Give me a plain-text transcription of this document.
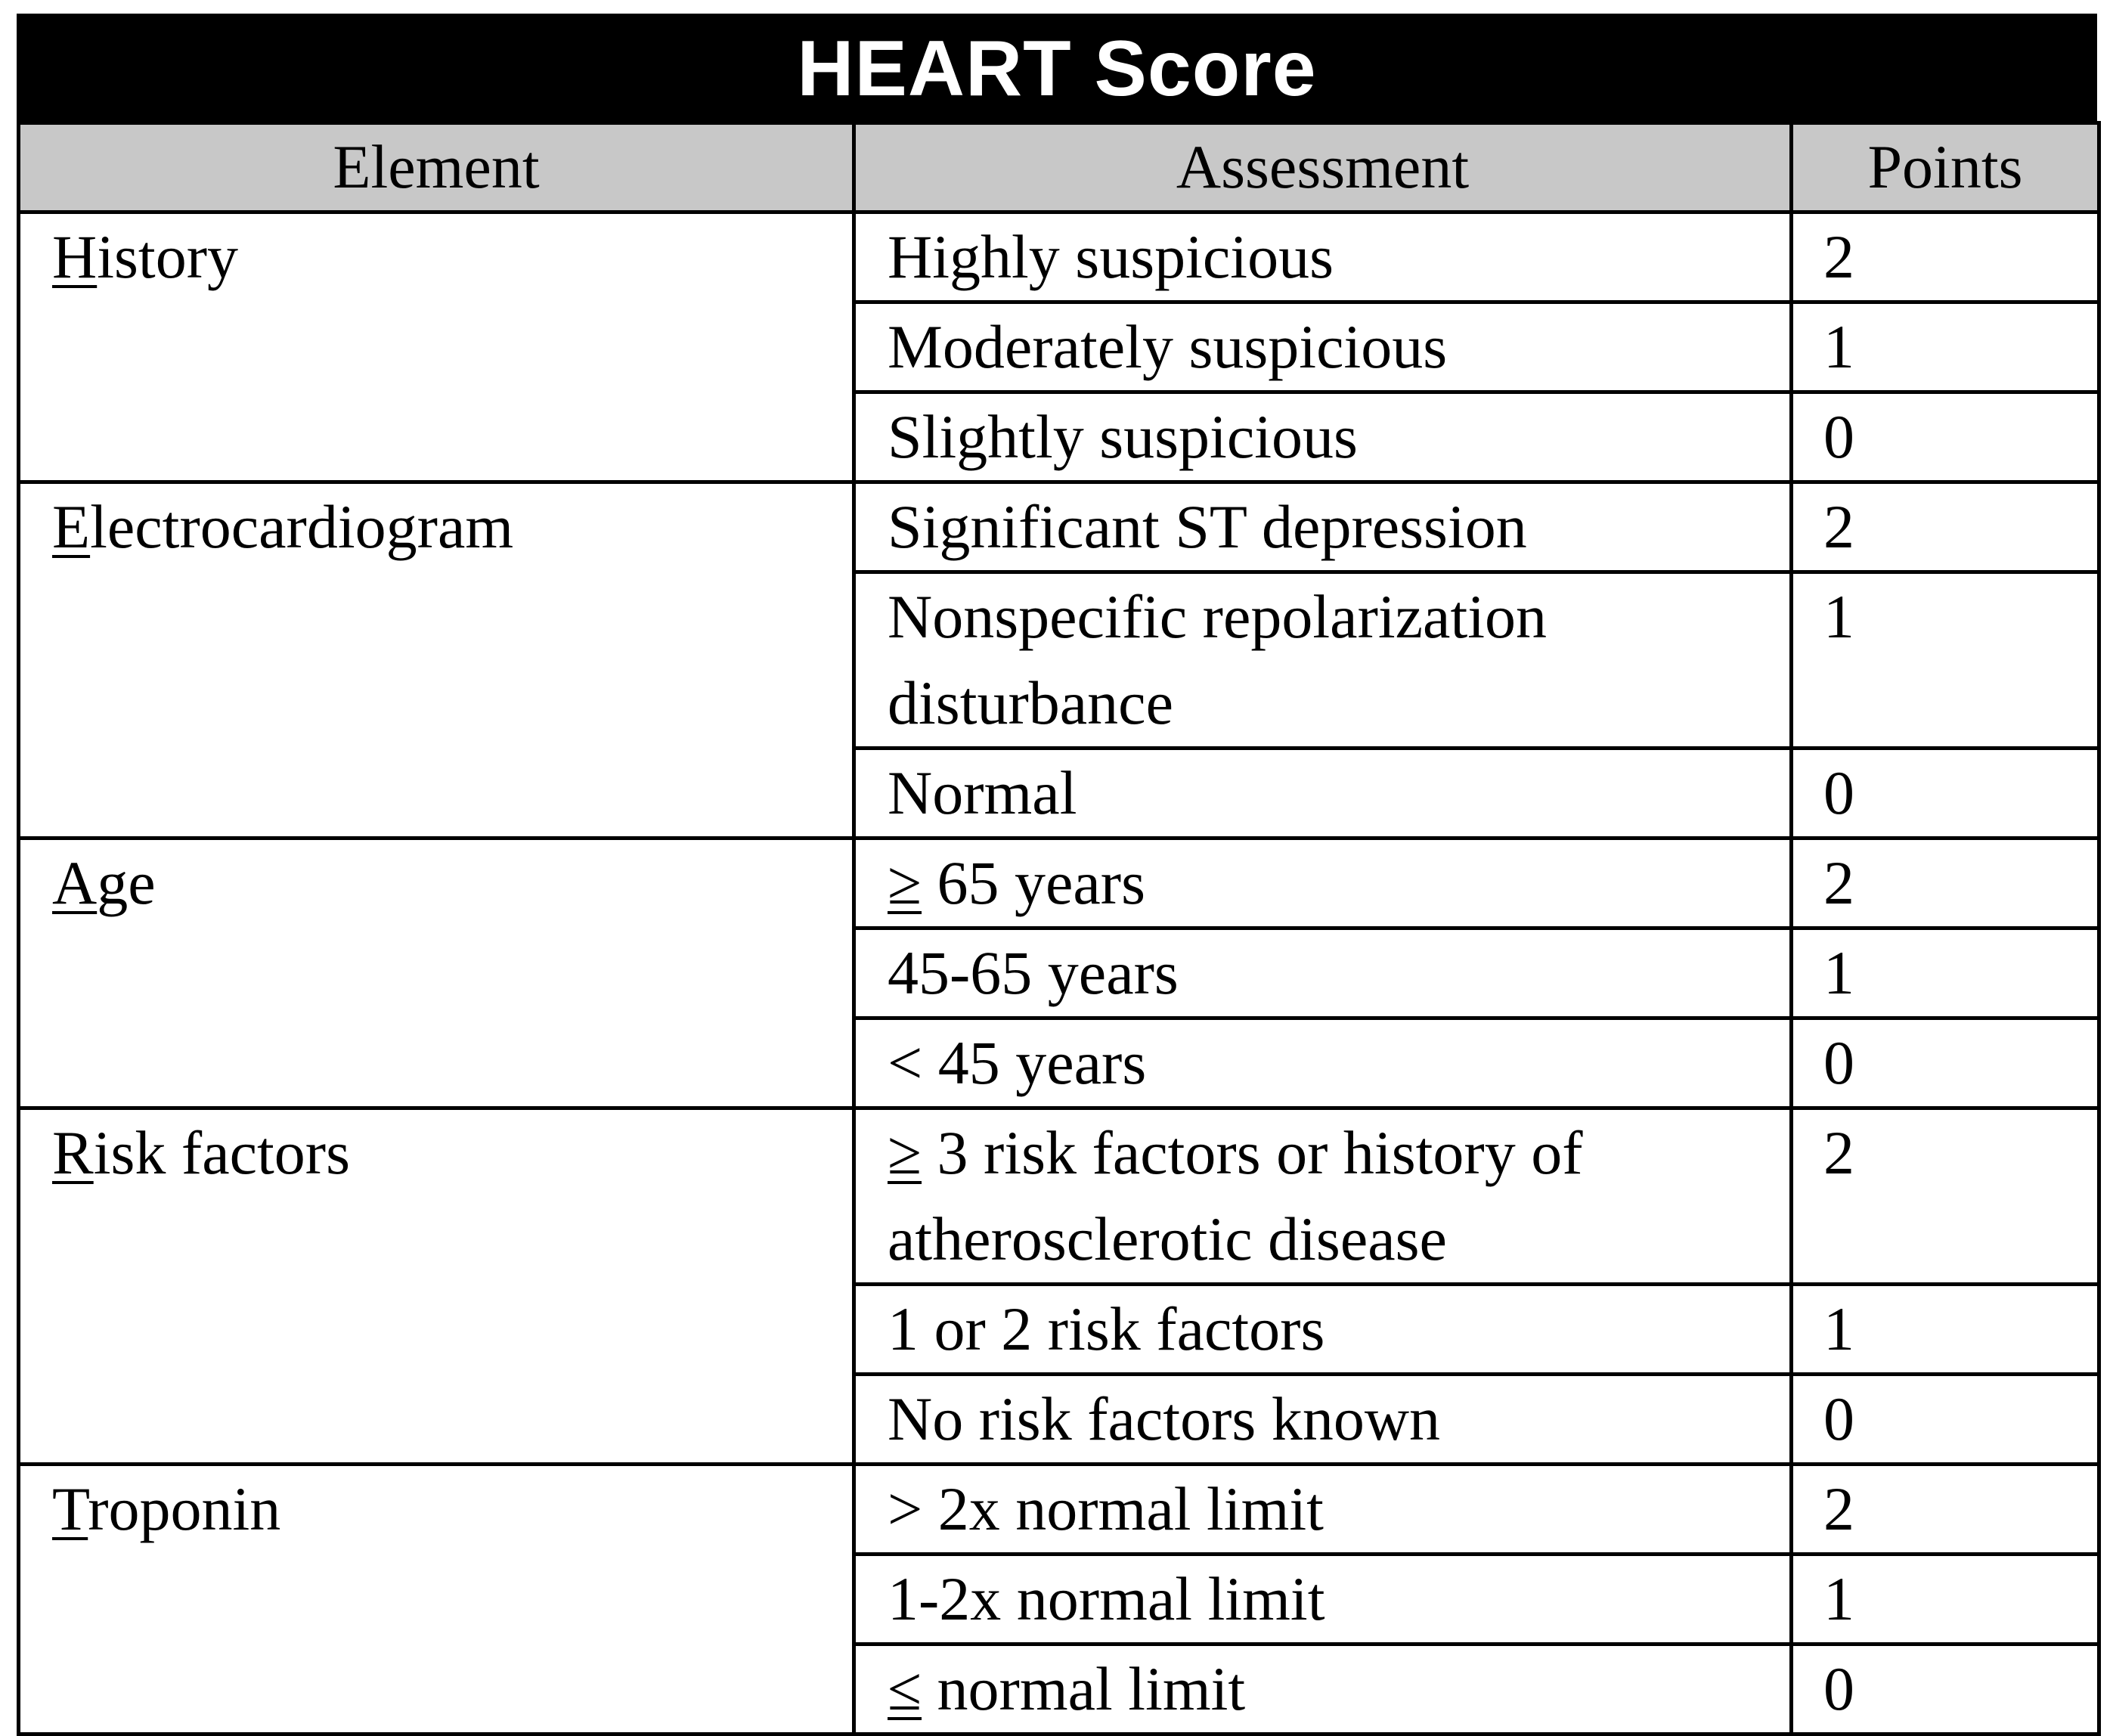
HEART Score
Element	Assessment	Points
History	Highly suspicious	2
	Moderately suspicious	1
	Slightly suspicious	0
Electrocardiogram	Significant ST depression	2
	Nonspecific repolarization disturbance	1
	Normal	0
Age	≥ 65 years	2
	45-65 years	1
	< 45 years	0
Risk factors	≥ 3 risk factors or history of atherosclerotic disease	2
	1 or 2 risk factors	1
	No risk factors known	0
Troponin	> 2x normal limit	2
	1-2x normal limit	1
	≤ normal limit	0
